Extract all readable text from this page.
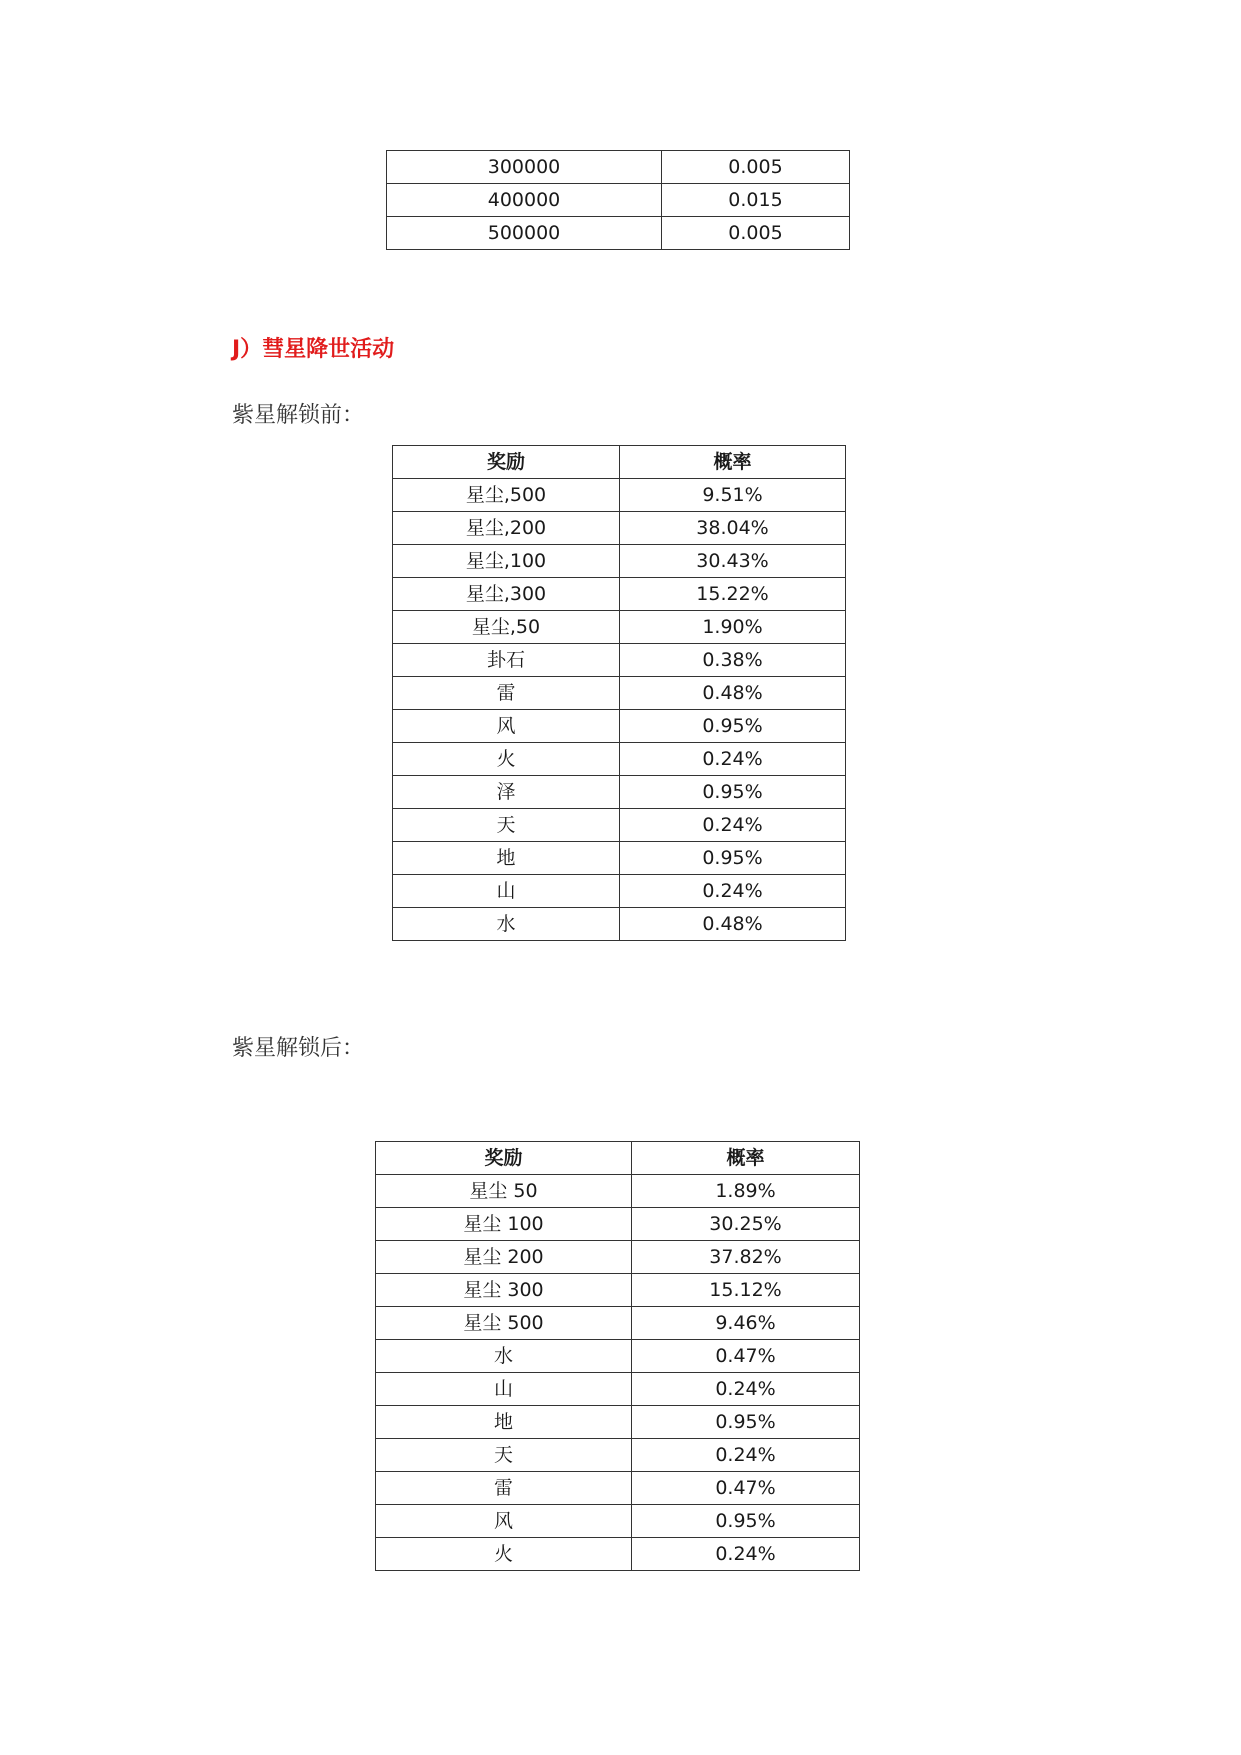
300000	0.005
400000	0.015
500000	0.005
J）彗星降世活动

紫星解锁前：

奖励	概率
星尘,500	9.51%
星尘,200	38.04%
星尘,100	30.43%
星尘,300	15.22%
星尘,50	1.90%
卦石	0.38%
雷	0.48%
风	0.95%
火	0.24%
泽	0.95%
天	0.24%
地	0.95%
山	0.24%
水	0.48%

紫星解锁后：

奖励	概率
星尘 50	1.89%
星尘 100	30.25%
星尘 200	37.82%
星尘 300	15.12%
星尘 500	9.46%
水	0.47%
山	0.24%
地	0.95%
天	0.24%
雷	0.47%
风	0.95%
火	0.24%
